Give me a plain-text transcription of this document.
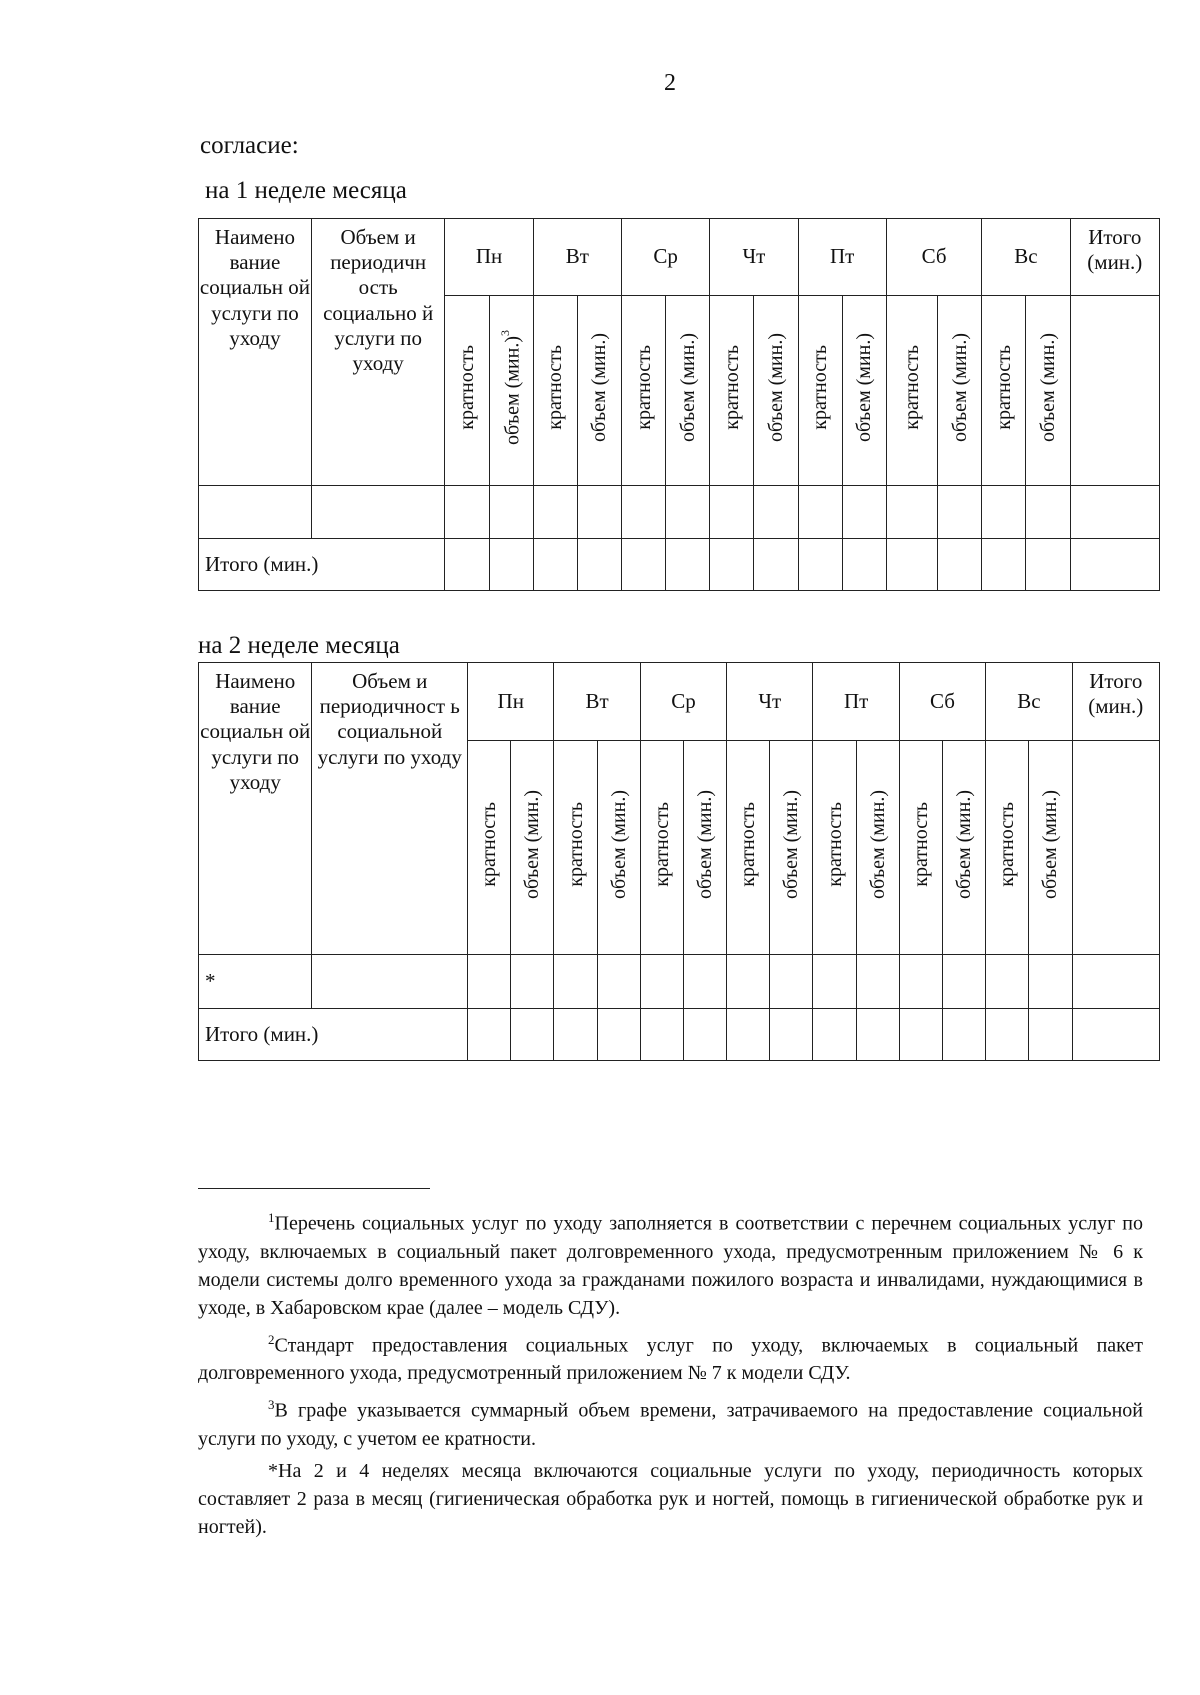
2
согласие:
на 1 неделе месяца
Наимено вание социальн ой услуги по уходу	Объем и периодичн ость социально й услуги по уходу	Пн		Вт		Ср		Чт		Пт		Сб		Вс		Итого (мин.)
		кратность	объем $(мин.)^3$	кратность	объем (мин.)	кратность	объем (мин.)	кратность	объем (мин.)	кратность	объем (мин.)	кратность	объем (мин.)	кратность	объем (мин.)	

Итого (мин.)																
на 2 неделе месяца
Наимено вание социальн ой услуги по уходу	Объем и периодичност ь социальной услуги по уходу	Пн		Вт		Ср		Чт		Пт		Сб		Вс		Итого (мин.)
		кратность	объем (мин.)	кратность	объем (мин.)	кратность	объем (мин.)	кратность	объем (мин.)	кратность	объем (мин.)	кратность	объем (мин.)	кратность	объем (мин.)	
*																
Итого (мин.)																

$^1$Перечень социальных услуг по уходу заполняется в соответствии с перечнем социальных услуг по уходу, включаемых в социальный пакет долговременного ухода, предусмотренным приложением № 6 к модели системы долго временного ухода за гражданами пожилого возраста и инвалидами, нуждающимися в уходе, в Хабаровском крае (далее – модель СДУ).

$^2$Стандарт предоставления социальных услуг по уходу, включаемых в социальный пакет долговременного ухода, предусмотренный приложением № 7 к модели СДУ.

$^3$В графе указывается суммарный объем времени, затрачиваемого на предоставление социальной услуги по уходу, с учетом ее кратности.

*На 2 и 4 неделях месяца включаются социальные услуги по уходу, периодичность которых составляет 2 раза в месяц (гигиеническая обработка рук и ногтей, помощь в гигиенической обработке рук и ногтей).
